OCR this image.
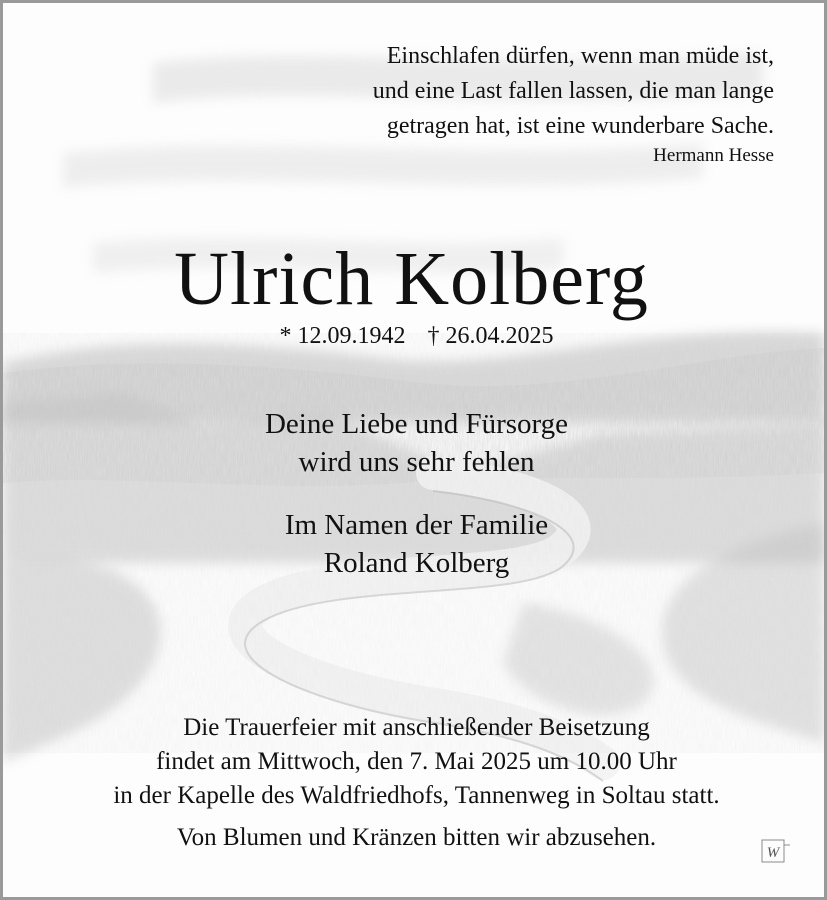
Einschlafen dürfen, wenn man müde ist,
und eine Last fallen lassen, die man lange
getragen hat, ist eine wunderbare Sache.
Hermann Hesse
Ulrich Kolberg
* 12.09.1942 † 26.04.2025
Deine Liebe und Fürsorge
wird uns sehr fehlen
Im Namen der Familie
Roland Kolberg
Die Trauerfeier mit anschließender Beisetzung
findet am Mittwoch, den 7. Mai 2025 um 10.00 Uhr
in der Kapelle des Waldfriedhofs, Tannenweg in Soltau statt.
Von Blumen und Kränzen bitten wir abzusehen.
W
